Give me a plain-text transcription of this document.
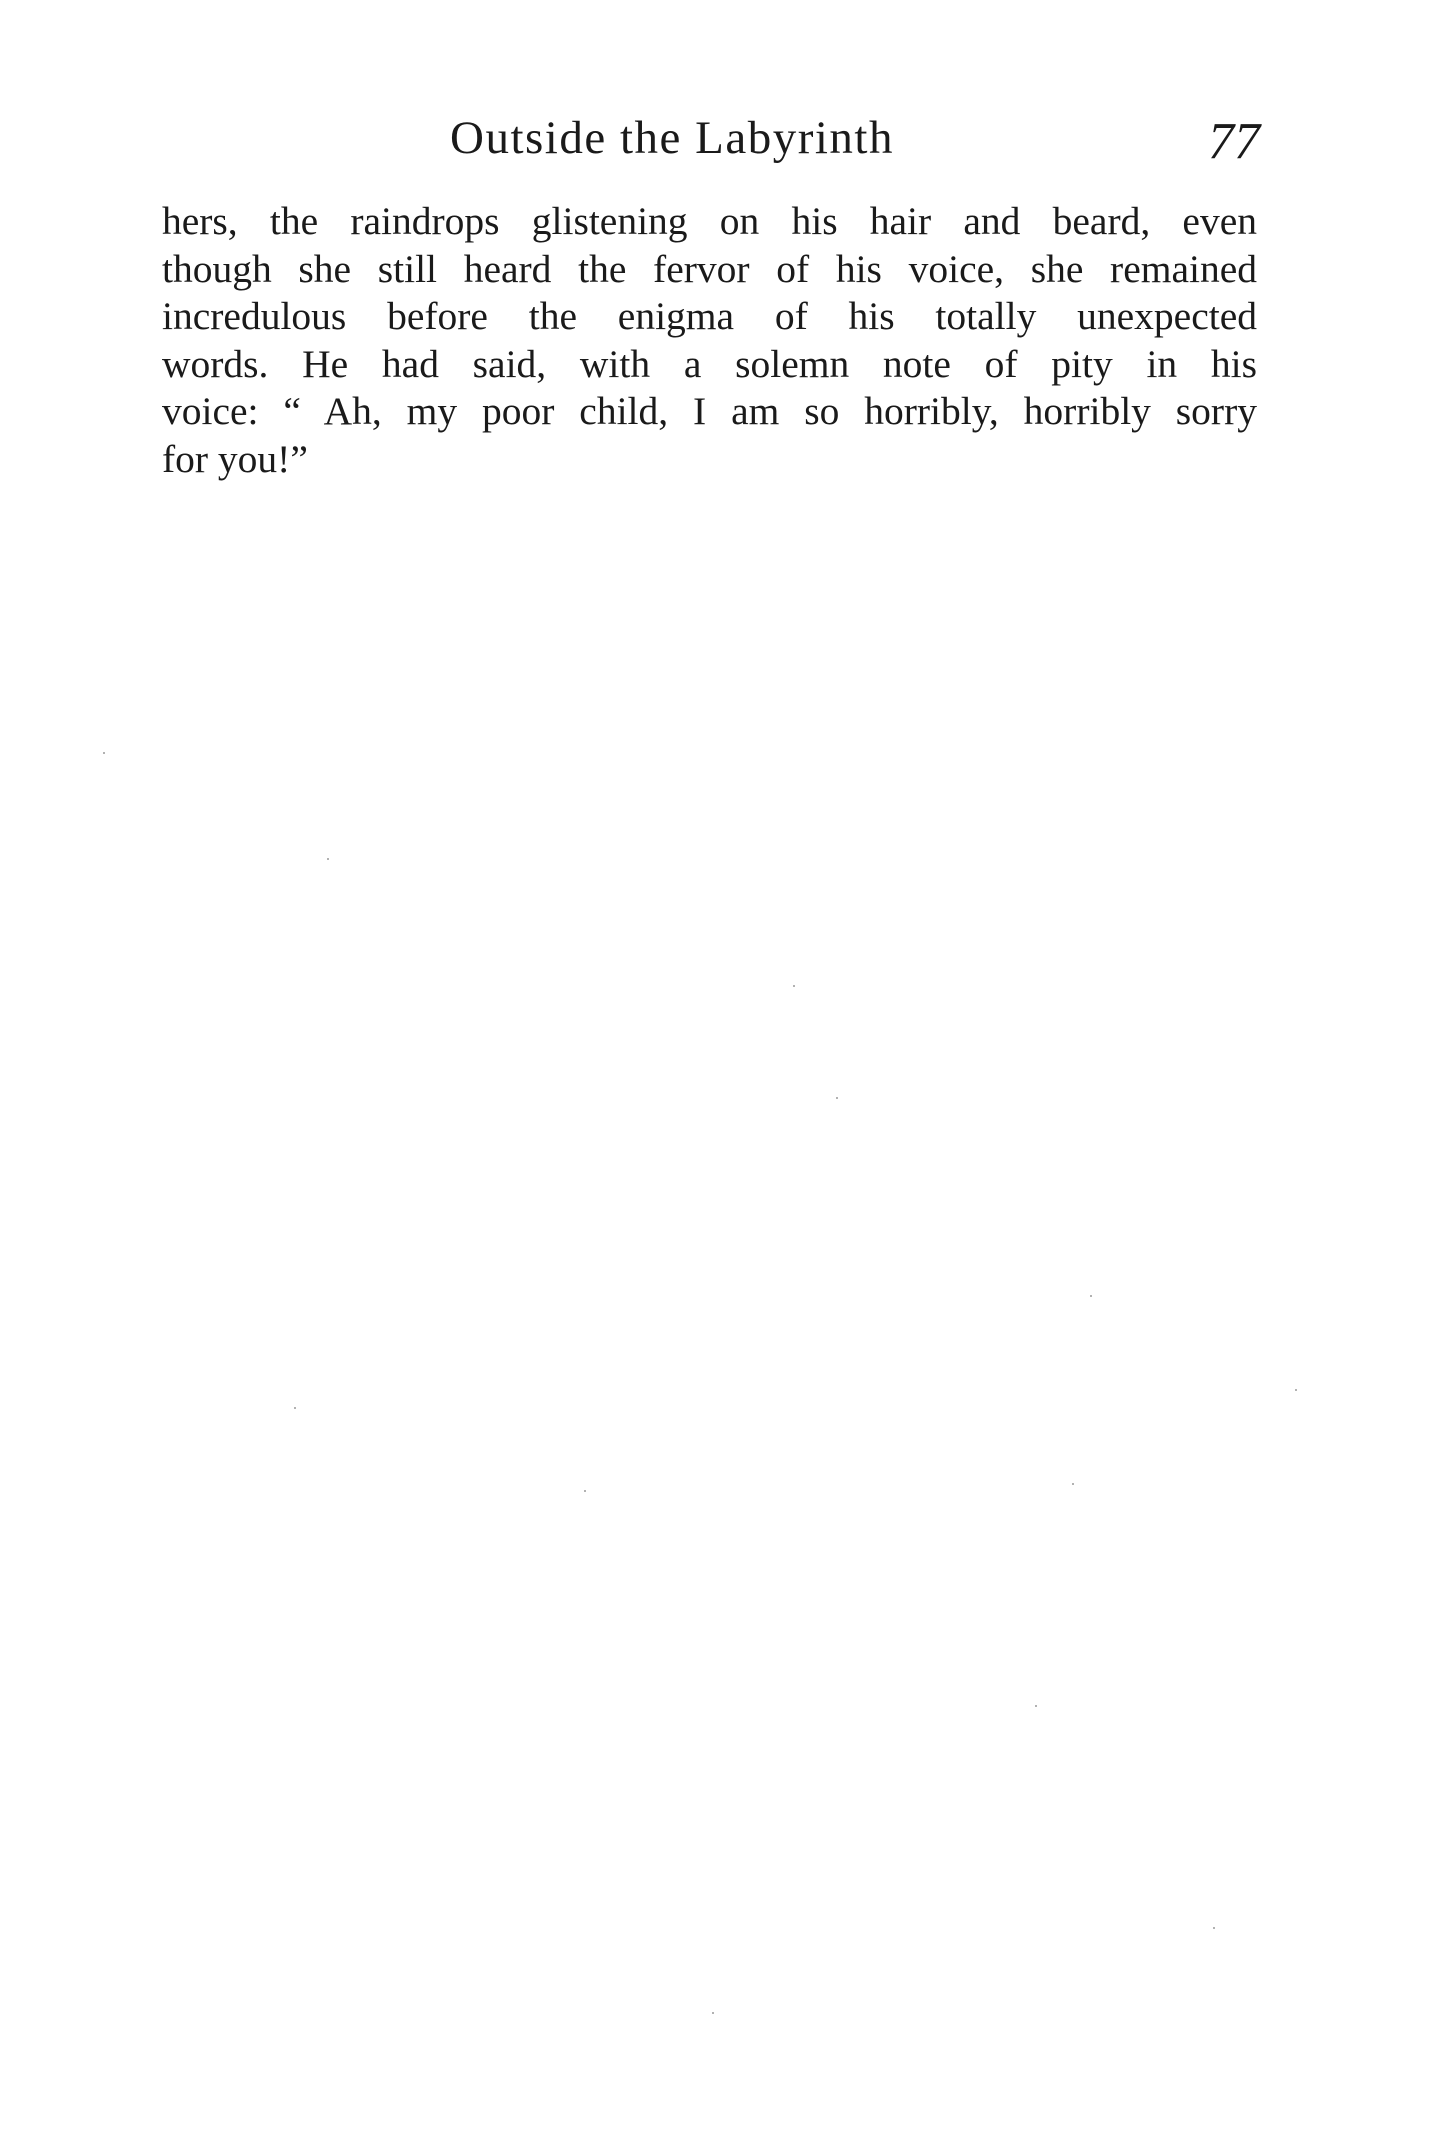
Outside the Labyrinth	77
hers, the raindrops glistening on his hair and beard, even
though she still heard the fervor of his voice, she remained
incredulous before the enigma of his totally unexpected
words. He had said, with a solemn note of pity in his
voice: “ Ah, my poor child, I am so horribly, horribly sorry
for you!”
